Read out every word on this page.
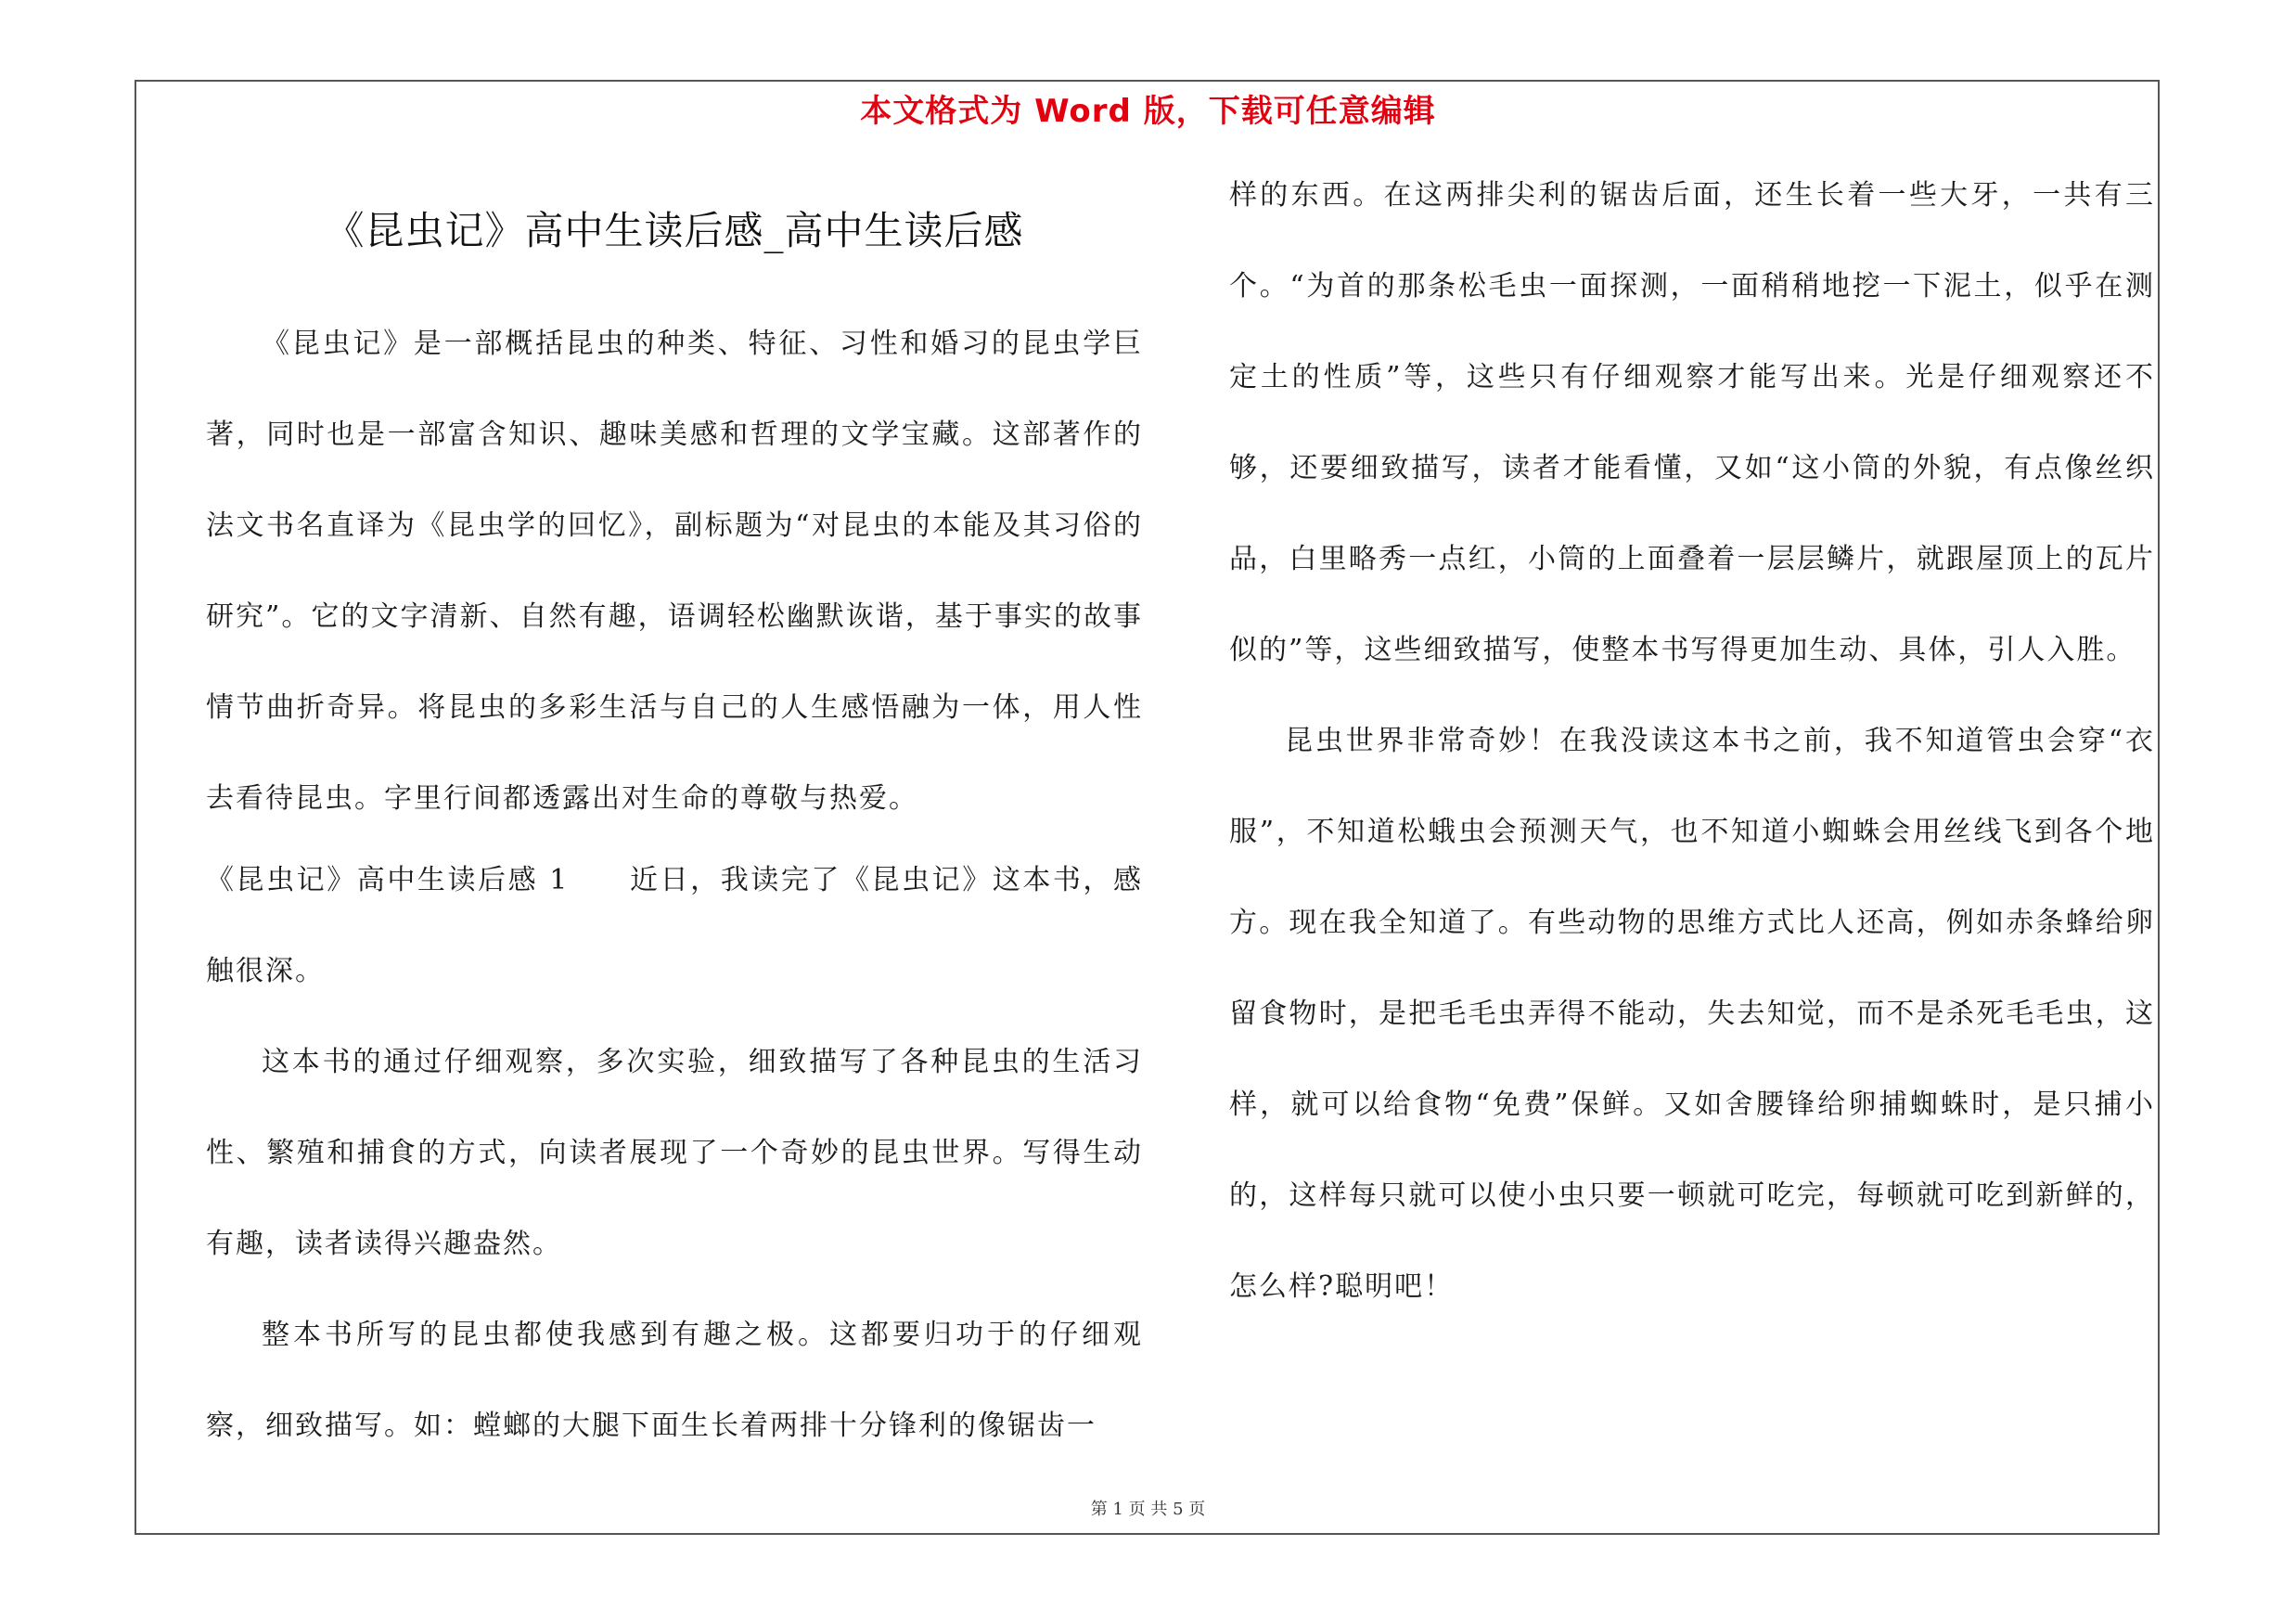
本文格式为 Word 版，下载可任意编辑
《昆虫记》高中生读后感_高中生读后感

《昆虫记》是一部概括昆虫的种类、特征、习性和婚习的昆虫学巨著，同时也是一部富含知识、趣味美感和哲理的文学宝藏。这部著作的法文书名直译为《昆虫学的回忆》，副标题为“对昆虫的本能及其习俗的研究”。它的文字清新、自然有趣，语调轻松幽默诙谐，基于事实的故事情节曲折奇异。将昆虫的多彩生活与自己的人生感悟融为一体，用人性去看待昆虫。字里行间都透露出对生命的尊敬与热爱。

《昆虫记》高中生读后感 1　　近日，我读完了《昆虫记》这本书，感触很深。

这本书的通过仔细观察，多次实验，细致描写了各种昆虫的生活习性、繁殖和捕食的方式，向读者展现了一个奇妙的昆虫世界。写得生动有趣，读者读得兴趣盎然。

整本书所写的昆虫都使我感到有趣之极。这都要归功于的仔细观察，细致描写。如：螳螂的大腿下面生长着两排十分锋利的像锯齿一

样的东西。在这两排尖利的锯齿后面，还生长着一些大牙，一共有三个。“为首的那条松毛虫一面探测，一面稍稍地挖一下泥土，似乎在测定土的性质”等，这些只有仔细观察才能写出来。光是仔细观察还不够，还要细致描写，读者才能看懂，又如“这小筒的外貌，有点像丝织品，白里略秀一点红，小筒的上面叠着一层层鳞片，就跟屋顶上的瓦片似的”等，这些细致描写，使整本书写得更加生动、具体，引人入胜。

昆虫世界非常奇妙！在我没读这本书之前，我不知道管虫会穿“衣服”，不知道松蛾虫会预测天气，也不知道小蜘蛛会用丝线飞到各个地方。现在我全知道了。有些动物的思维方式比人还高，例如赤条蜂给卵留食物时，是把毛毛虫弄得不能动，失去知觉，而不是杀死毛毛虫，这样，就可以给食物“免费”保鲜。又如舍腰锋给卵捕蜘蛛时，是只捕小的，这样每只就可以使小虫只要一顿就可吃完，每顿就可吃到新鲜的，怎么样?聪明吧！

第 1 页 共 5 页
